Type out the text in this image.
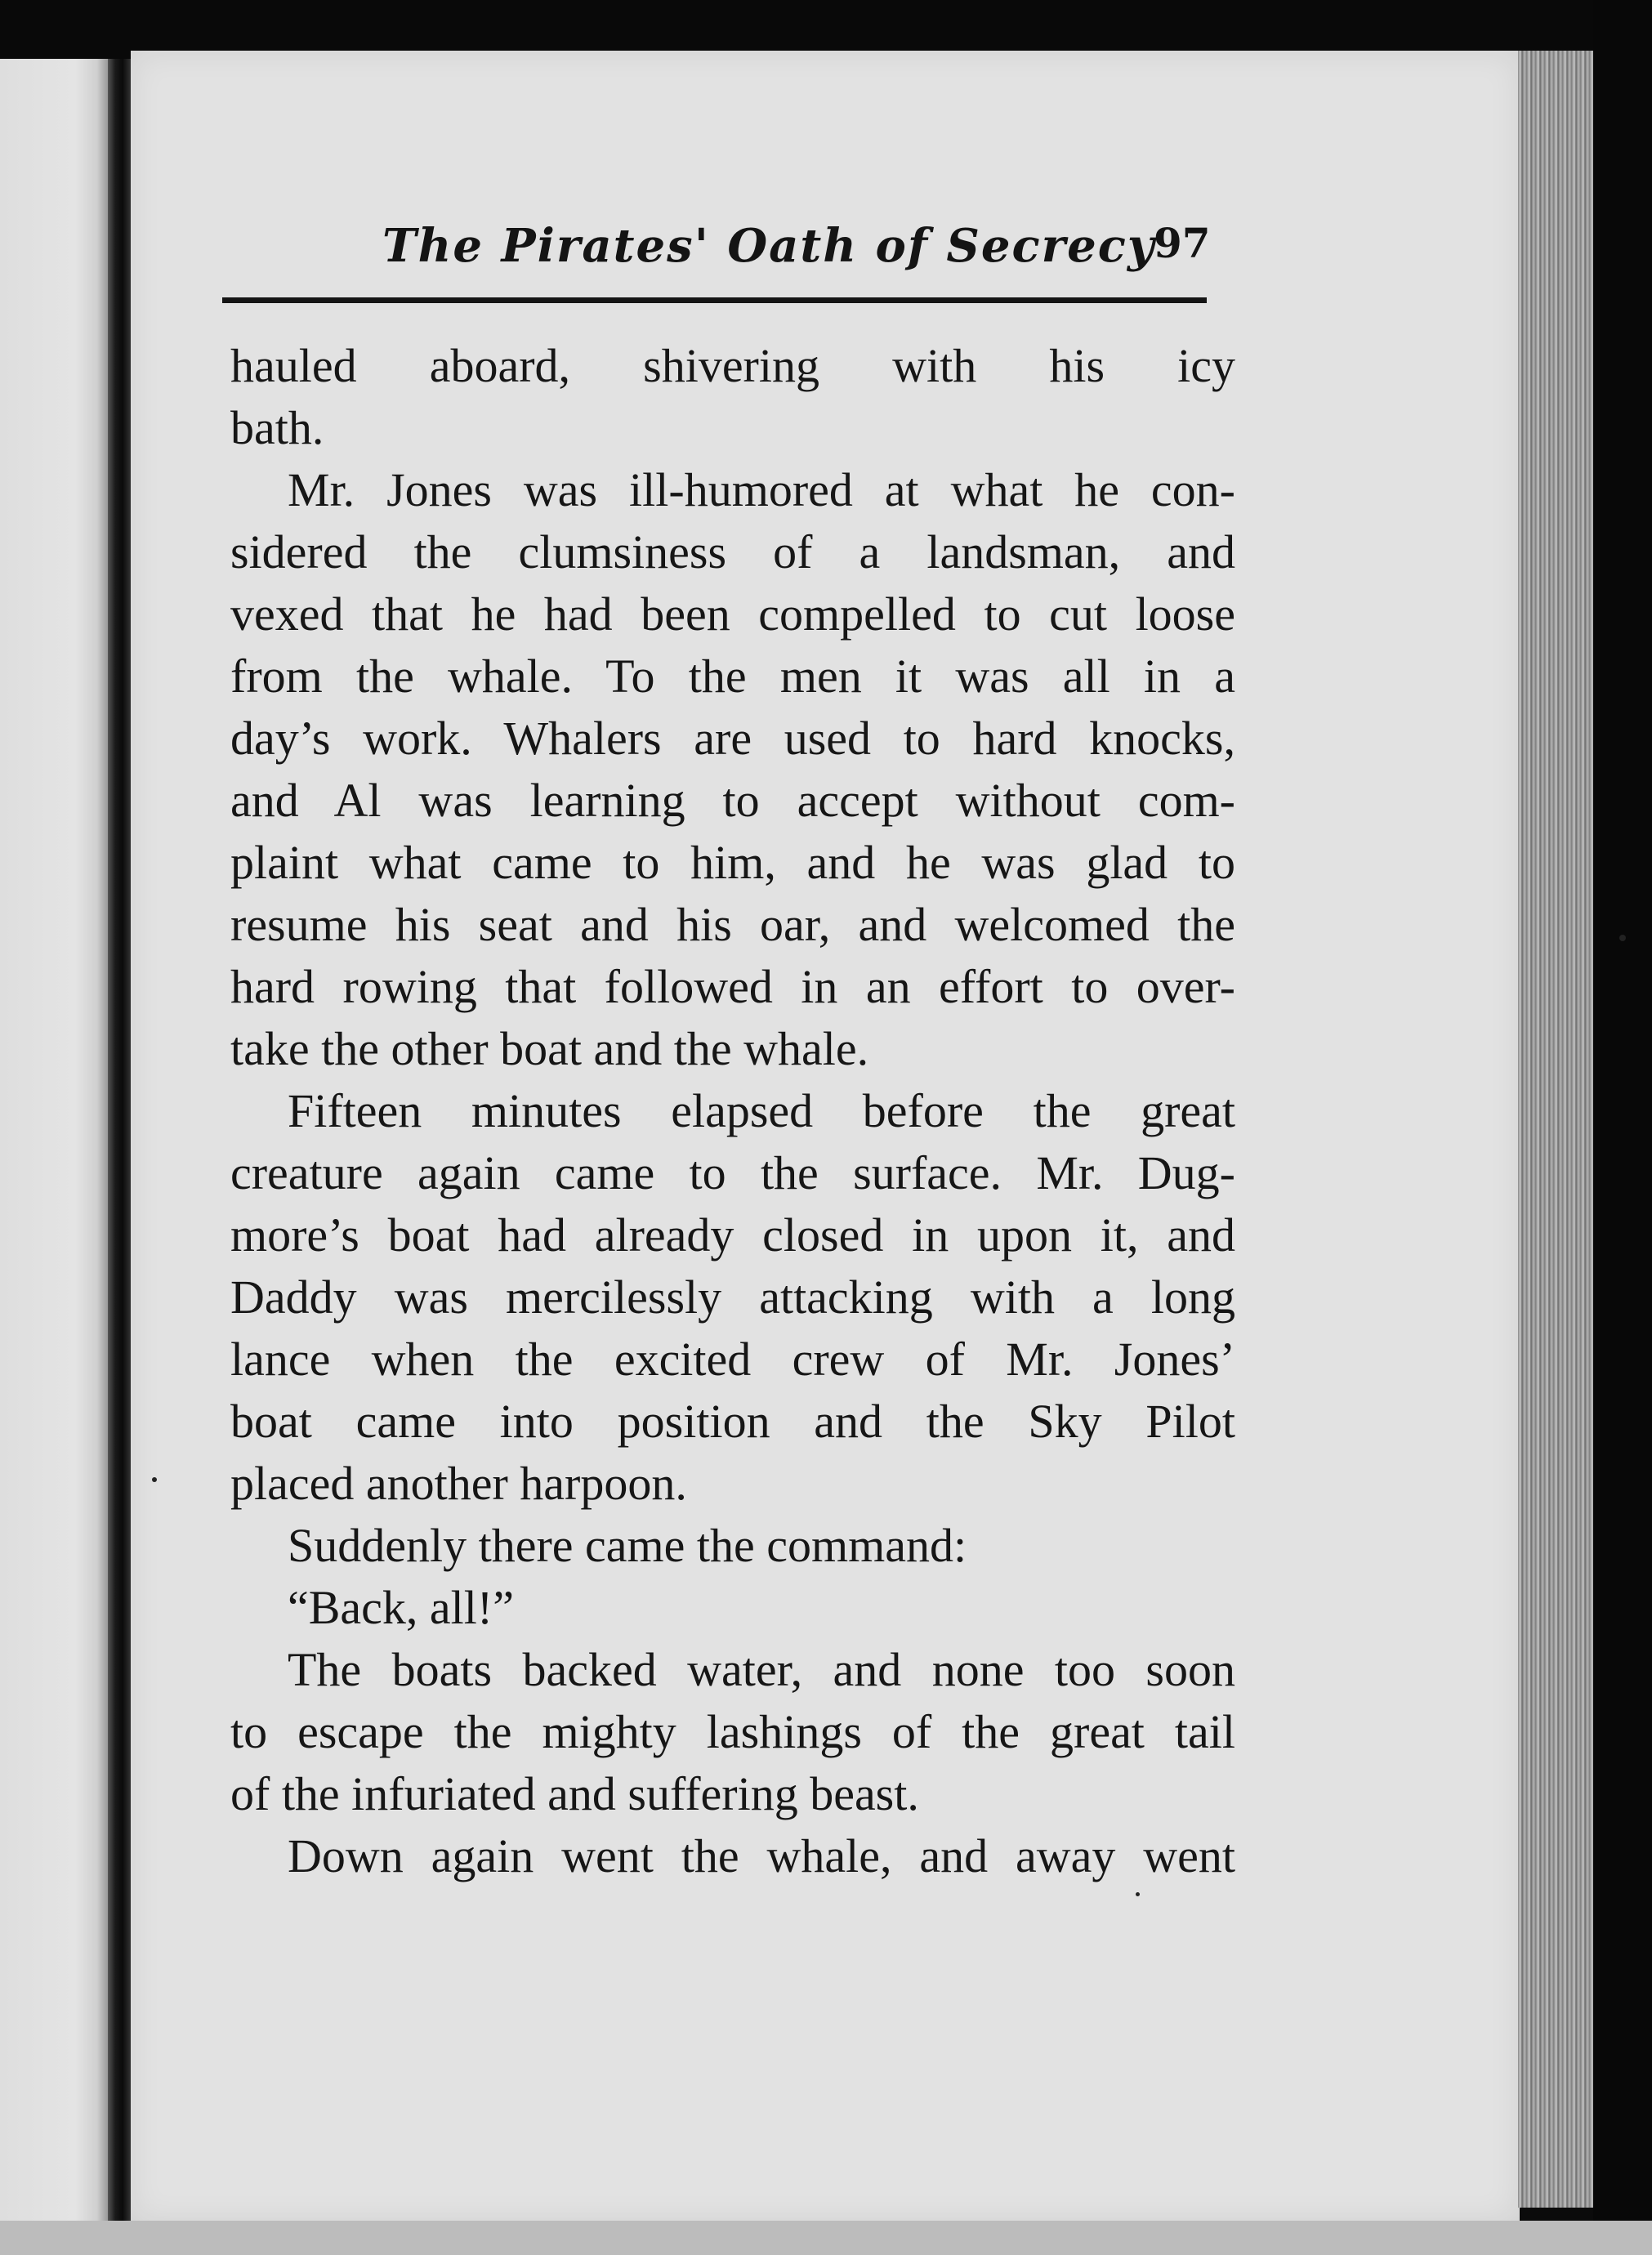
The Pirates' Oath of Secrecy
97
hauled aboard, shivering with his icy
bath.
Mr. Jones was ill-humored at what he con-
sidered the clumsiness of a landsman, and
vexed that he had been compelled to cut loose
from the whale. To the men it was all in a
day’s work. Whalers are used to hard knocks,
and Al was learning to accept without com-
plaint what came to him, and he was glad to
resume his seat and his oar, and welcomed the
hard rowing that followed in an effort to over-
take the other boat and the whale.
Fifteen minutes elapsed before the great
creature again came to the surface. Mr. Dug-
more’s boat had already closed in upon it, and
Daddy was mercilessly attacking with a long
lance when the excited crew of Mr. Jones’
boat came into position and the Sky Pilot
placed another harpoon.
Suddenly there came the command:
“Back, all!”
The boats backed water, and none too soon
to escape the mighty lashings of the great tail
of the infuriated and suffering beast.
Down again went the whale, and away went
